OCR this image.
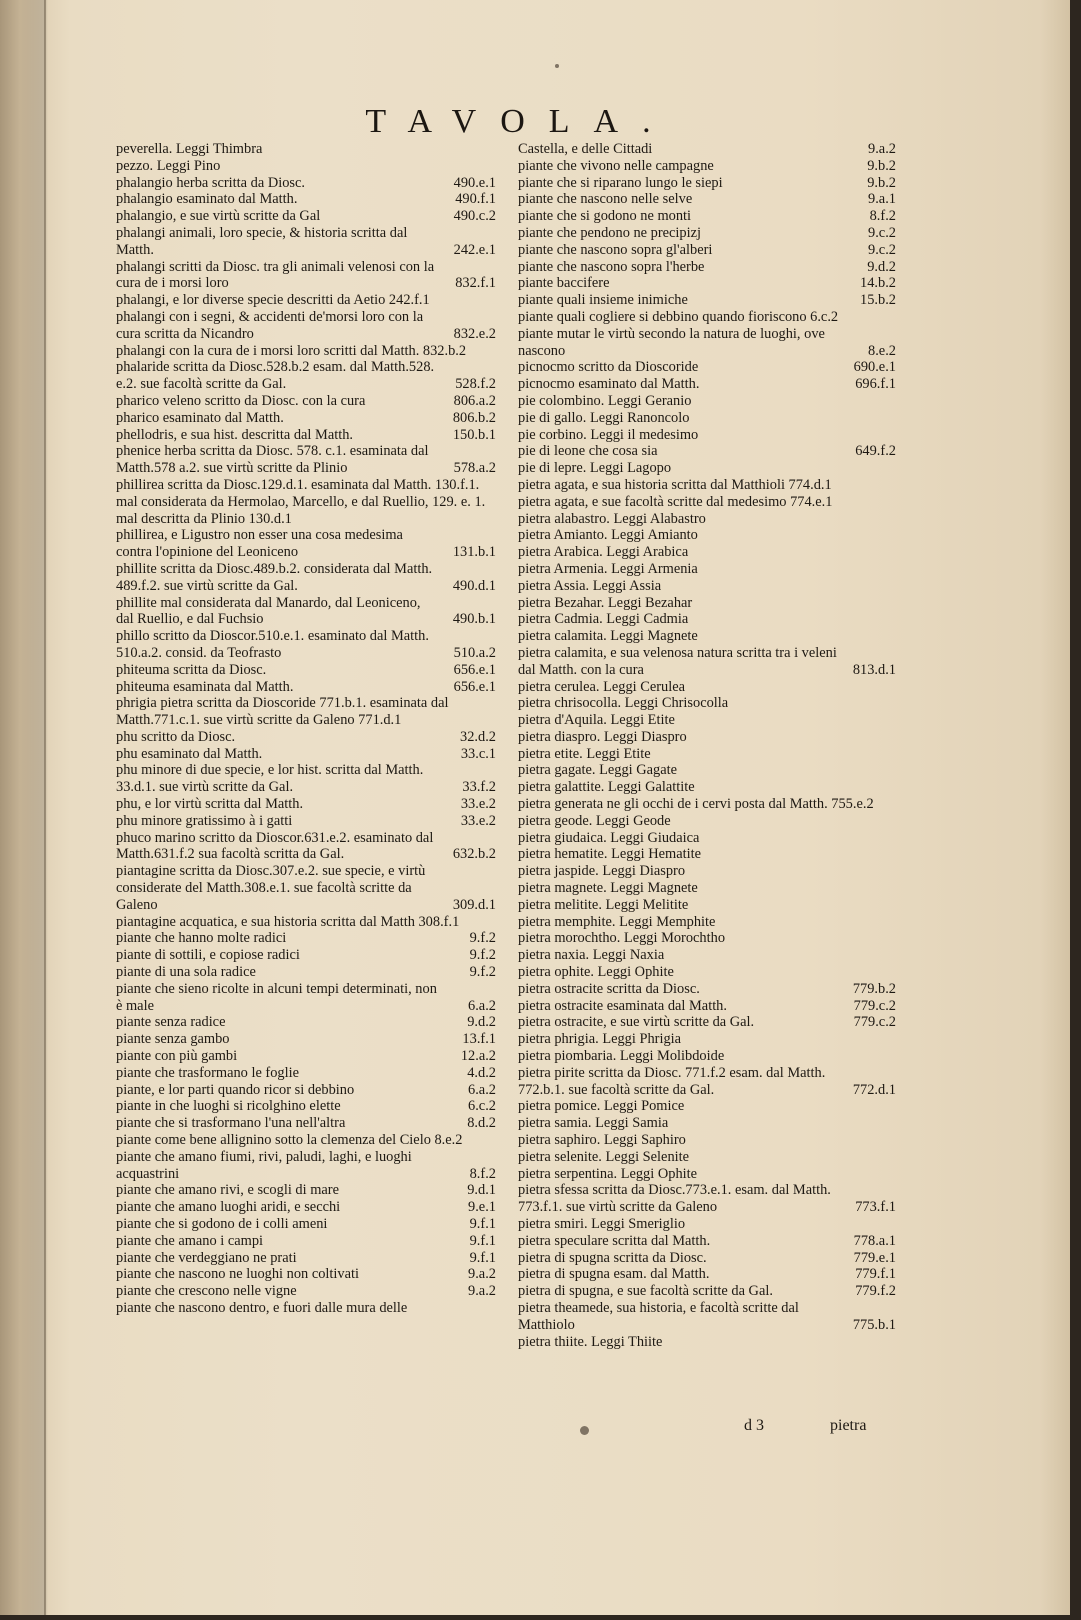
TAVOLA.

peverella. Leggi Thimbra

pezzo. Leggi Pino

phalangio herba scritta da Diosc.	490.e.1

phalangio esaminato dal Matth.	490.f.1

phalangio, e sue virtù scritte da Gal	490.c.2

phalangi animali, loro specie, & historia scritta dal Matth.	242.e.1

phalangi scritti da Diosc. tra gli animali velenosi con la cura de i morsi loro	832.f.1

phalangi, e lor diverse specie descritti da Aetio 242.f.1

phalangi con i segni, & accidenti de'morsi loro con la cura scritta da Nicandro	832.e.2

phalangi con la cura de i morsi loro scritti dal Matth. 832.b.2

phalaride scritta da Diosc.528.b.2 esam. dal Matth.528. e.2. sue facoltà scritte da Gal.	528.f.2

pharico veleno scritto da Diosc. con la cura	806.a.2

pharico esaminato dal Matth.	806.b.2

phellodris, e sua hist. descritta dal Matth.	150.b.1

phenice herba scritta da Diosc. 578. c.1. esaminata dal Matth.578 a.2. sue virtù scritte da Plinio	578.a.2

phillirea scritta da Diosc.129.d.1. esaminata dal Matth. 130.f.1. mal considerata da Hermolao, Marcello, e dal Ruellio, 129. e. 1. mal descritta da Plinio 130.d.1

phillirea, e Ligustro non esser una cosa medesima contra l'opinione del Leoniceno	131.b.1

phillite scritta da Diosc.489.b.2. considerata dal Matth. 489.f.2. sue virtù scritte da Gal.	490.d.1

phillite mal considerata dal Manardo, dal Leoniceno, dal Ruellio, e dal Fuchsio	490.b.1

phillo scritto da Dioscor.510.e.1. esaminato dal Matth. 510.a.2. consid. da Teofrasto	510.a.2

phiteuma scritta da Diosc.	656.e.1

phiteuma esaminata dal Matth.	656.e.1

phrigia pietra scritta da Dioscoride 771.b.1. esaminata dal Matth.771.c.1. sue virtù scritte da Galeno 771.d.1

phu scritto da Diosc.	32.d.2

phu esaminato dal Matth.	33.c.1

phu minore di due specie, e lor hist. scritta dal Matth. 33.d.1. sue virtù scritte da Gal.	33.f.2

phu, e lor virtù scritta dal Matth.	33.e.2

phu minore gratissimo à i gatti	33.e.2

phuco marino scritto da Dioscor.631.e.2. esaminato dal Matth.631.f.2 sua facoltà scritta da Gal.	632.b.2

piantagine scritta da Diosc.307.e.2. sue specie, e virtù considerate del Matth.308.e.1. sue facoltà scritte da Galeno	309.d.1

piantagine acquatica, e sua historia scritta dal Matth 308.f.1

piante che hanno molte radici	9.f.2

piante di sottili, e copiose radici	9.f.2

piante di una sola radice	9.f.2

piante che sieno ricolte in alcuni tempi determinati, non è male	6.a.2

piante senza radice	9.d.2

piante senza gambo	13.f.1

piante con più gambi	12.a.2

piante che trasformano le foglie	4.d.2

piante, e lor parti quando ricor si debbino	6.a.2

piante in che luoghi si ricolghino elette	6.c.2

piante che si trasformano l'una nell'altra	8.d.2

piante come bene allignino sotto la clemenza del Cielo 8.e.2

piante che amano fiumi, rivi, paludi, laghi, e luoghi acquastrini	8.f.2

piante che amano rivi, e scogli di mare	9.d.1

piante che amano luoghi aridi, e secchi	9.e.1

piante che si godono de i colli ameni	9.f.1

piante che amano i campi	9.f.1

piante che verdeggiano ne prati	9.f.1

piante che nascono ne luoghi non coltivati	9.a.2

piante che crescono nelle vigne	9.a.2

piante che nascono dentro, e fuori dalle mura delle

Castella, e delle Cittadi	9.a.2

piante che vivono nelle campagne	9.b.2

piante che si riparano lungo le siepi	9.b.2

piante che nascono nelle selve	9.a.1

piante che si godono ne monti	8.f.2

piante che pendono ne precipizj	9.c.2

piante che nascono sopra gl'alberi	9.c.2

piante che nascono sopra l'herbe	9.d.2

piante baccifere	14.b.2

piante quali insieme inimiche	15.b.2

piante quali cogliere si debbino quando fioriscono 6.c.2

piante mutar le virtù secondo la natura de luoghi, ove nascono	8.e.2

picnocmo scritto da Dioscoride	690.e.1

picnocmo esaminato dal Matth.	696.f.1

pie colombino. Leggi Geranio

pie di gallo. Leggi Ranoncolo

pie corbino. Leggi il medesimo

pie di leone che cosa sia	649.f.2

pie di lepre. Leggi Lagopo

pietra agata, e sua historia scritta dal Matthioli 774.d.1

pietra agata, e sue facoltà scritte dal medesimo 774.e.1

pietra alabastro. Leggi Alabastro

pietra Amianto. Leggi Amianto

pietra Arabica. Leggi Arabica

pietra Armenia. Leggi Armenia

pietra Assia. Leggi Assia

pietra Bezahar. Leggi Bezahar

pietra Cadmia. Leggi Cadmia

pietra calamita. Leggi Magnete

pietra calamita, e sua velenosa natura scritta tra i veleni dal Matth. con la cura	813.d.1

pietra cerulea. Leggi Cerulea

pietra chrisocolla. Leggi Chrisocolla

pietra d'Aquila. Leggi Etite

pietra diaspro. Leggi Diaspro

pietra etite. Leggi Etite

pietra gagate. Leggi Gagate

pietra galattite. Leggi Galattite

pietra generata ne gli occhi de i cervi posta dal Matth. 755.e.2

pietra geode. Leggi Geode

pietra giudaica. Leggi Giudaica

pietra hematite. Leggi Hematite

pietra jaspide. Leggi Diaspro

pietra magnete. Leggi Magnete

pietra melitite. Leggi Melitite

pietra memphite. Leggi Memphite

pietra morochtho. Leggi Morochtho

pietra naxia. Leggi Naxia

pietra ophite. Leggi Ophite

pietra ostracite scritta da Diosc.	779.b.2

pietra ostracite esaminata dal Matth.	779.c.2

pietra ostracite, e sue virtù scritte da Gal.	779.c.2

pietra phrigia. Leggi Phrigia

pietra piombaria. Leggi Molibdoide

pietra pirite scritta da Diosc. 771.f.2 esam. dal Matth. 772.b.1. sue facoltà scritte da Gal.	772.d.1

pietra pomice. Leggi Pomice

pietra samia. Leggi Samia

pietra saphiro. Leggi Saphiro

pietra selenite. Leggi Selenite

pietra serpentina. Leggi Ophite

pietra sfessa scritta da Diosc.773.e.1. esam. dal Matth. 773.f.1. sue virtù scritte da Galeno	773.f.1

pietra smiri. Leggi Smeriglio

pietra speculare scritta dal Matth.	778.a.1

pietra di spugna scritta da Diosc.	779.e.1

pietra di spugna esam. dal Matth.	779.f.1

pietra di spugna, e sue facoltà scritte da Gal.	779.f.2

pietra theamede, sua historia, e facoltà scritte dal Matthiolo	775.b.1

pietra thiite. Leggi Thiite

d 3	pietra
